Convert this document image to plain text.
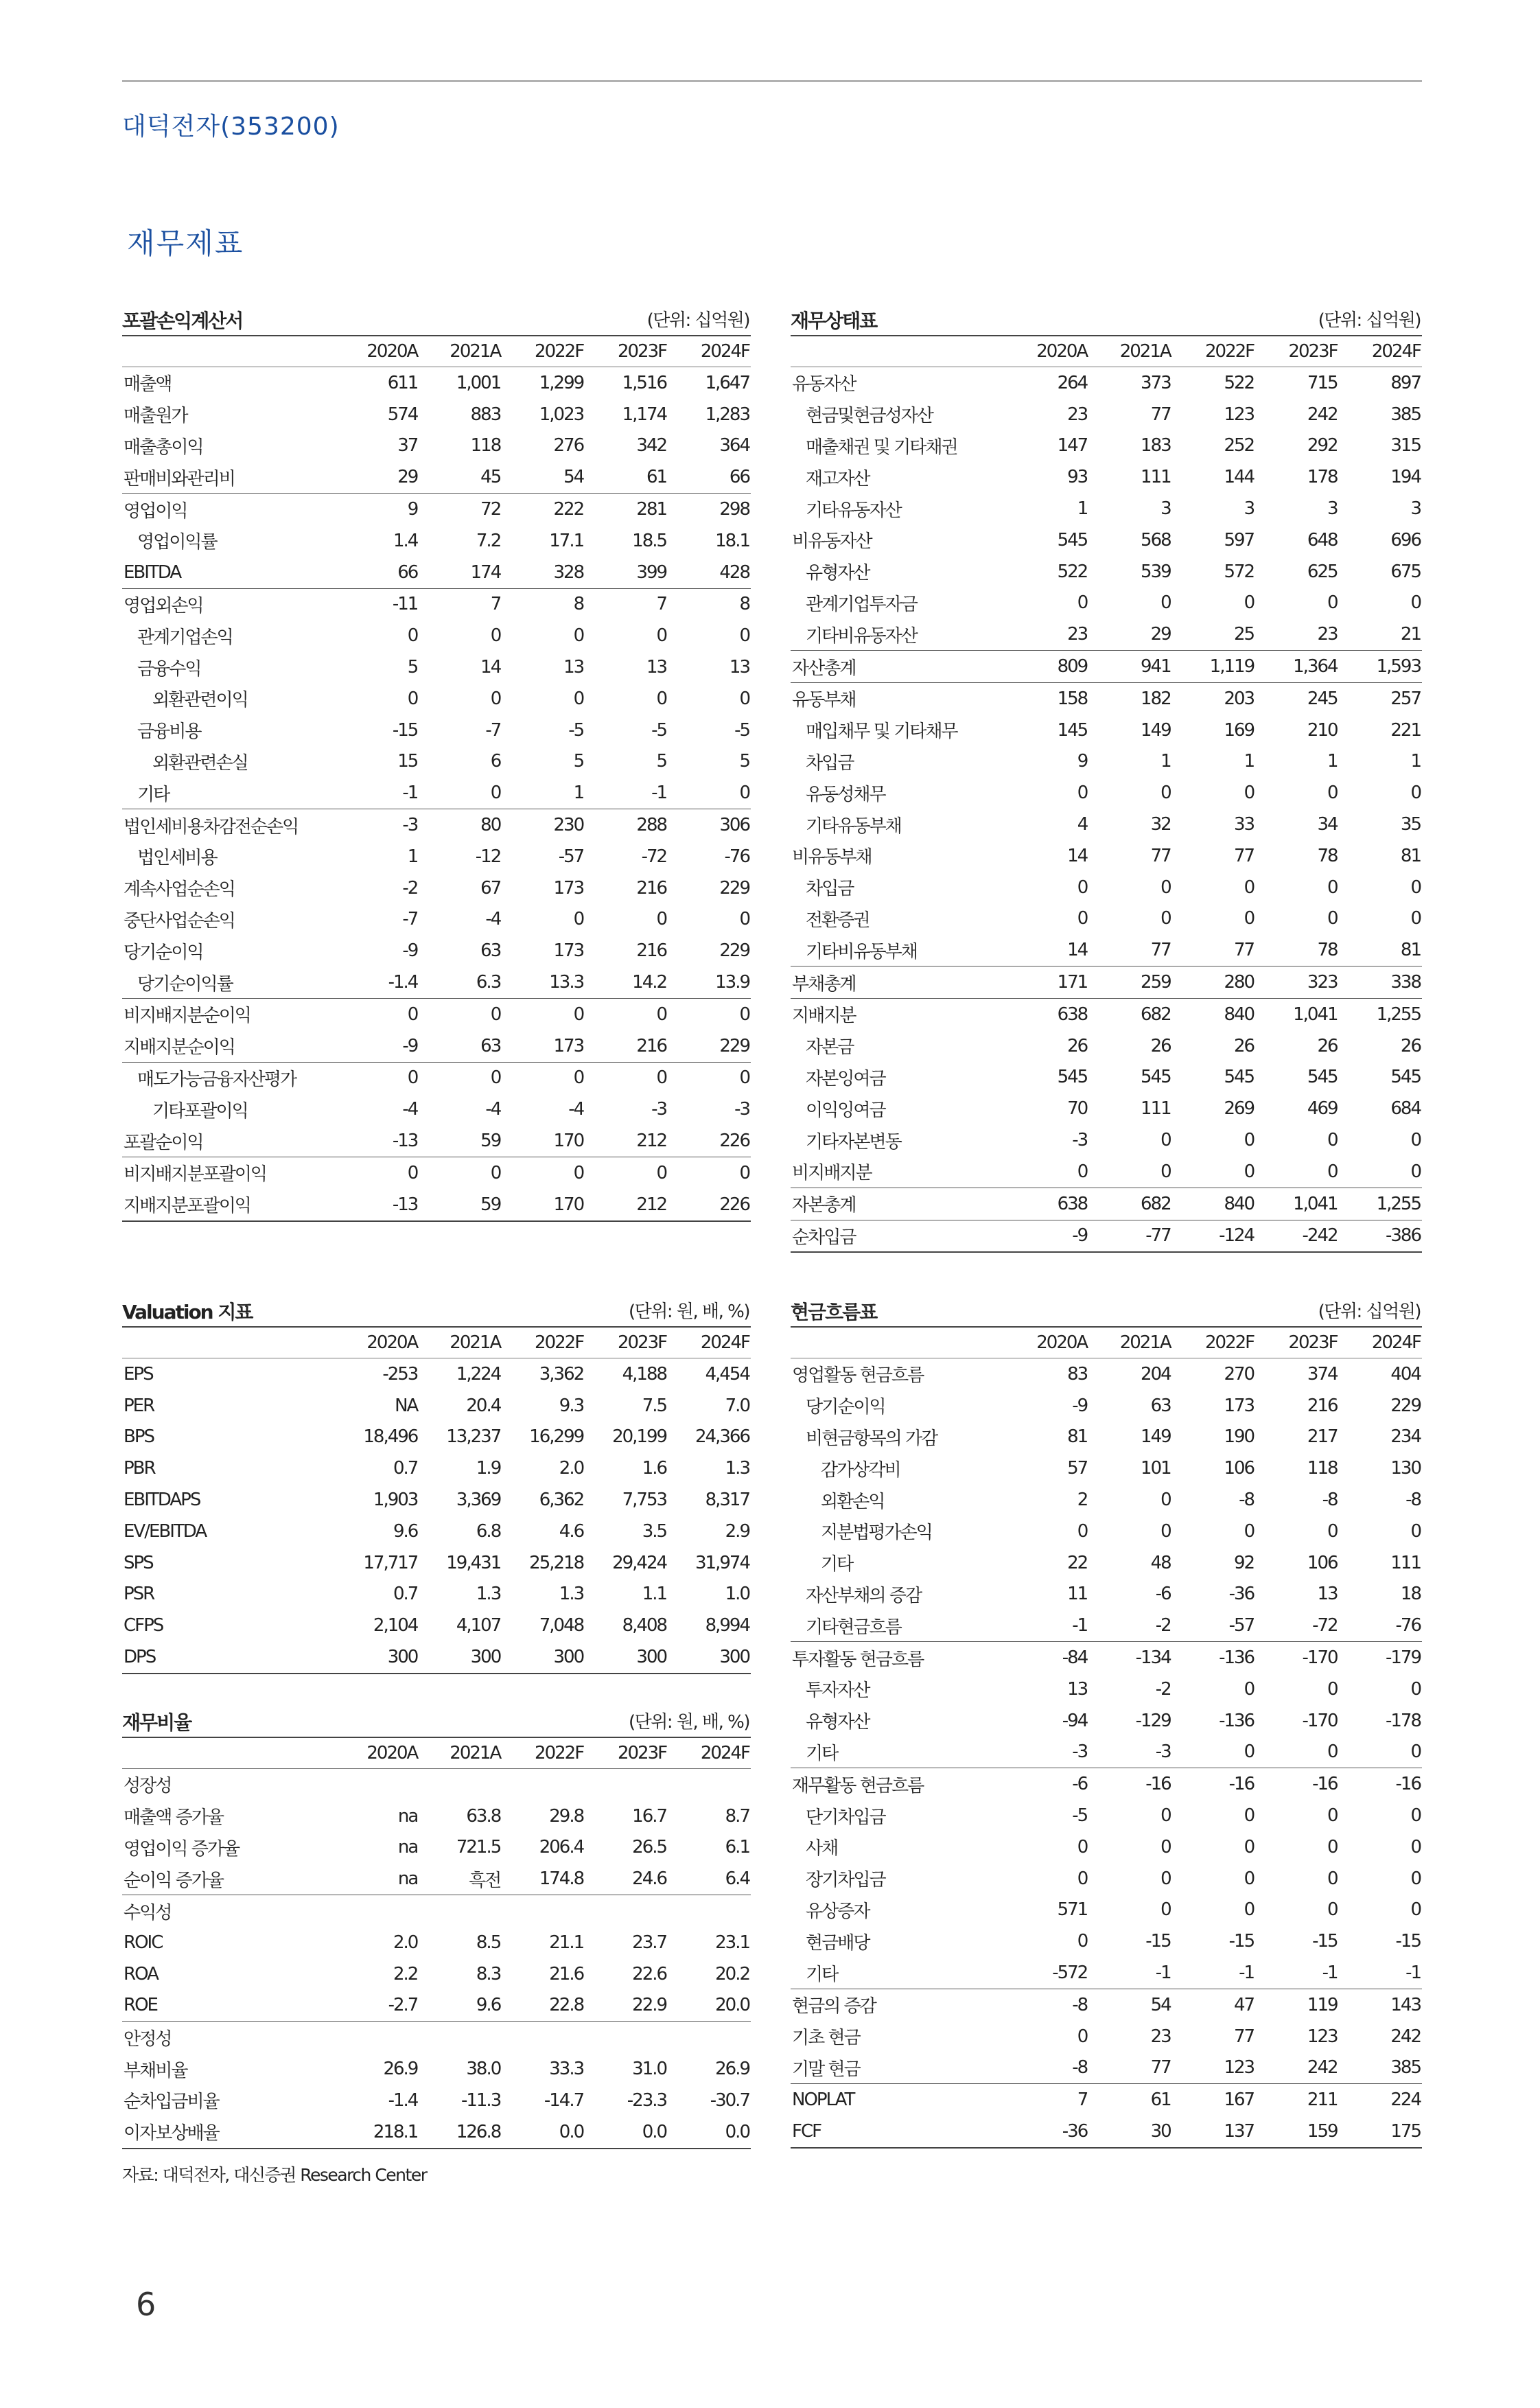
대덕전자(353200)
재무제표
포괄손익계산서	(단위: 십억원)
	2020A	2021A	2022F	2023F	2024F
매출액	611	1,001	1,299	1,516	1,647
매출원가	574	883	1,023	1,174	1,283
매출총이익	37	118	276	342	364
판매비와관리비	29	45	54	61	66
영업이익	9	72	222	281	298
영업이익률	1.4	7.2	17.1	18.5	18.1
EBITDA	66	174	328	399	428
영업외손익	-11	7	8	7	8
관계기업손익	0	0	0	0	0
금융수익	5	14	13	13	13
외환관련이익	0	0	0	0	0
금융비용	-15	-7	-5	-5	-5
외환관련손실	15	6	5	5	5
기타	-1	0	1	-1	0
법인세비용차감전순손익	-3	80	230	288	306
법인세비용	1	-12	-57	-72	-76
계속사업순손익	-2	67	173	216	229
중단사업순손익	-7	-4	0	0	0
당기순이익	-9	63	173	216	229
당기순이익률	-1.4	6.3	13.3	14.2	13.9
비지배지분순이익	0	0	0	0	0
지배지분순이익	-9	63	173	216	229
매도가능금융자산평가	0	0	0	0	0
기타포괄이익	-4	-4	-4	-3	-3
포괄순이익	-13	59	170	212	226
비지배지분포괄이익	0	0	0	0	0
지배지분포괄이익	-13	59	170	212	226
재무상태표	(단위: 십억원)
	2020A	2021A	2022F	2023F	2024F
유동자산	264	373	522	715	897
현금및현금성자산	23	77	123	242	385
매출채권 및 기타채권	147	183	252	292	315
재고자산	93	111	144	178	194
기타유동자산	1	3	3	3	3
비유동자산	545	568	597	648	696
유형자산	522	539	572	625	675
관계기업투자금	0	0	0	0	0
기타비유동자산	23	29	25	23	21
자산총계	809	941	1,119	1,364	1,593
유동부채	158	182	203	245	257
매입채무 및 기타채무	145	149	169	210	221
차입금	9	1	1	1	1
유동성채무	0	0	0	0	0
기타유동부채	4	32	33	34	35
비유동부채	14	77	77	78	81
차입금	0	0	0	0	0
전환증권	0	0	0	0	0
기타비유동부채	14	77	77	78	81
부채총계	171	259	280	323	338
지배지분	638	682	840	1,041	1,255
자본금	26	26	26	26	26
자본잉여금	545	545	545	545	545
이익잉여금	70	111	269	469	684
기타자본변동	-3	0	0	0	0
비지배지분	0	0	0	0	0
자본총계	638	682	840	1,041	1,255
순차입금	-9	-77	-124	-242	-386
Valuation 지표	(단위: 원, 배, %)
	2020A	2021A	2022F	2023F	2024F
EPS	-253	1,224	3,362	4,188	4,454
PER	NA	20.4	9.3	7.5	7.0
BPS	18,496	13,237	16,299	20,199	24,366
PBR	0.7	1.9	2.0	1.6	1.3
EBITDAPS	1,903	3,369	6,362	7,753	8,317
EV/EBITDA	9.6	6.8	4.6	3.5	2.9
SPS	17,717	19,431	25,218	29,424	31,974
PSR	0.7	1.3	1.3	1.1	1.0
CFPS	2,104	4,107	7,048	8,408	8,994
DPS	300	300	300	300	300
재무비율	(단위: 원, 배, %)
	2020A	2021A	2022F	2023F	2024F
성장성					
매출액 증가율	na	63.8	29.8	16.7	8.7
영업이익 증가율	na	721.5	206.4	26.5	6.1
순이익 증가율	na	흑전	174.8	24.6	6.4
수익성					
ROIC	2.0	8.5	21.1	23.7	23.1
ROA	2.2	8.3	21.6	22.6	20.2
ROE	-2.7	9.6	22.8	22.9	20.0
안정성					
부채비율	26.9	38.0	33.3	31.0	26.9
순차입금비율	-1.4	-11.3	-14.7	-23.3	-30.7
이자보상배율	218.1	126.8	0.0	0.0	0.0
현금흐름표	(단위: 십억원)
	2020A	2021A	2022F	2023F	2024F
영업활동 현금흐름	83	204	270	374	404
당기순이익	-9	63	173	216	229
비현금항목의 가감	81	149	190	217	234
감가상각비	57	101	106	118	130
외환손익	2	0	-8	-8	-8
지분법평가손익	0	0	0	0	0
기타	22	48	92	106	111
자산부채의 증감	11	-6	-36	13	18
기타현금흐름	-1	-2	-57	-72	-76
투자활동 현금흐름	-84	-134	-136	-170	-179
투자자산	13	-2	0	0	0
유형자산	-94	-129	-136	-170	-178
기타	-3	-3	0	0	0
재무활동 현금흐름	-6	-16	-16	-16	-16
단기차입금	-5	0	0	0	0
사채	0	0	0	0	0
장기차입금	0	0	0	0	0
유상증자	571	0	0	0	0
현금배당	0	-15	-15	-15	-15
기타	-572	-1	-1	-1	-1
현금의 증감	-8	54	47	119	143
기초 현금	0	23	77	123	242
기말 현금	-8	77	123	242	385
NOPLAT	7	61	167	211	224
FCF	-36	30	137	159	175
자료: 대덕전자, 대신증권 Research Center
6
